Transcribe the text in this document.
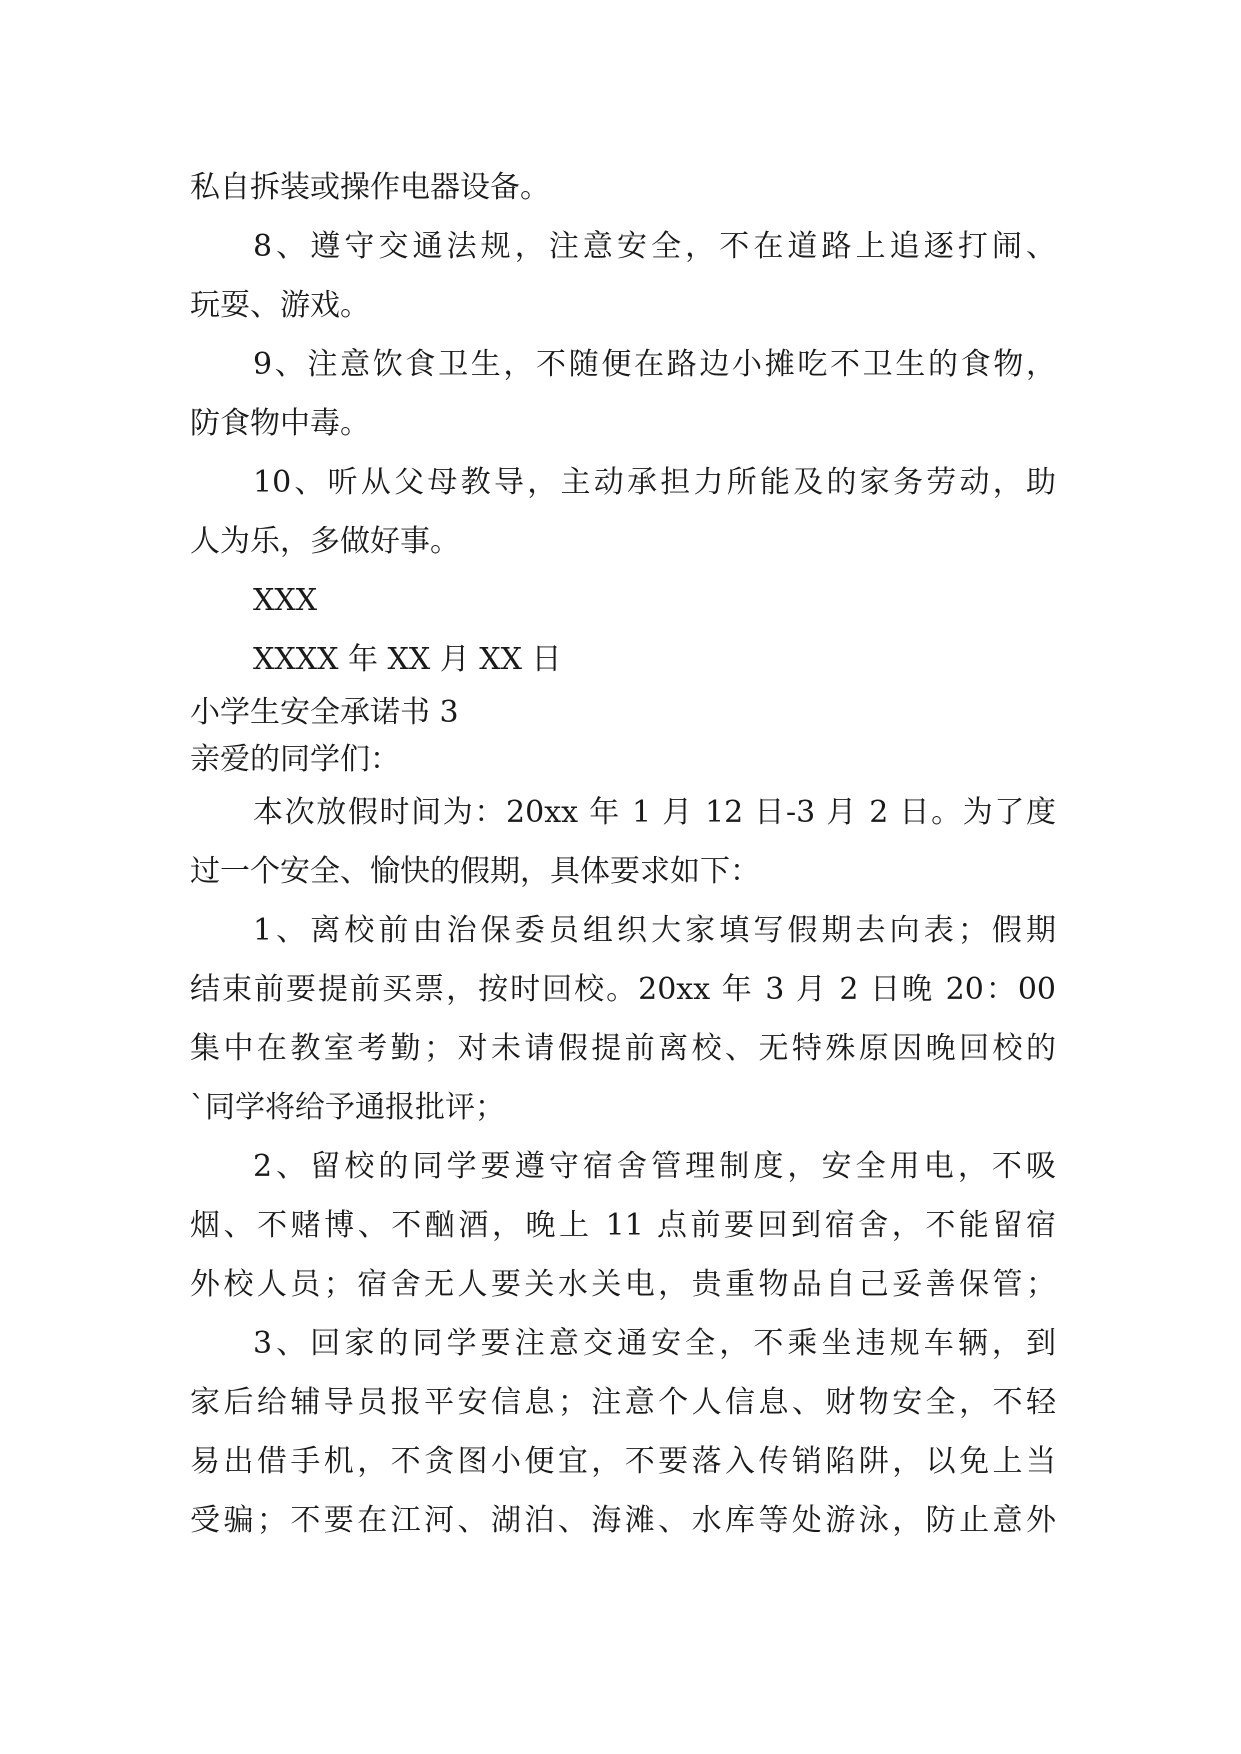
私自拆装或操作电器设备。
8、遵守交通法规，注意安全，不在道路上追逐打闹、
玩耍、游戏。
9、注意饮食卫生，不随便在路边小摊吃不卫生的食物，
防食物中毒。
10、听从父母教导，主动承担力所能及的家务劳动，助
人为乐，多做好事。
XXX
XXXX 年 XX 月 XX 日
小学生安全承诺书 3
亲爱的同学们：
本次放假时间为：20xx 年 1 月 12 日-3 月 2 日。为了度
过一个安全、愉快的假期，具体要求如下：
1、离校前由治保委员组织大家填写假期去向表；假期
结束前要提前买票，按时回校。20xx 年 3 月 2 日晚 20：00
集中在教室考勤；对未请假提前离校、无特殊原因晚回校的
`同学将给予通报批评；
2、留校的同学要遵守宿舍管理制度，安全用电，不吸
烟、不赌博、不酗酒，晚上 11 点前要回到宿舍，不能留宿
外校人员；宿舍无人要关水关电，贵重物品自己妥善保管；
3、回家的同学要注意交通安全，不乘坐违规车辆，到
家后给辅导员报平安信息；注意个人信息、财物安全，不轻
易出借手机，不贪图小便宜，不要落入传销陷阱，以免上当
受骗；不要在江河、湖泊、海滩、水库等处游泳，防止意外
